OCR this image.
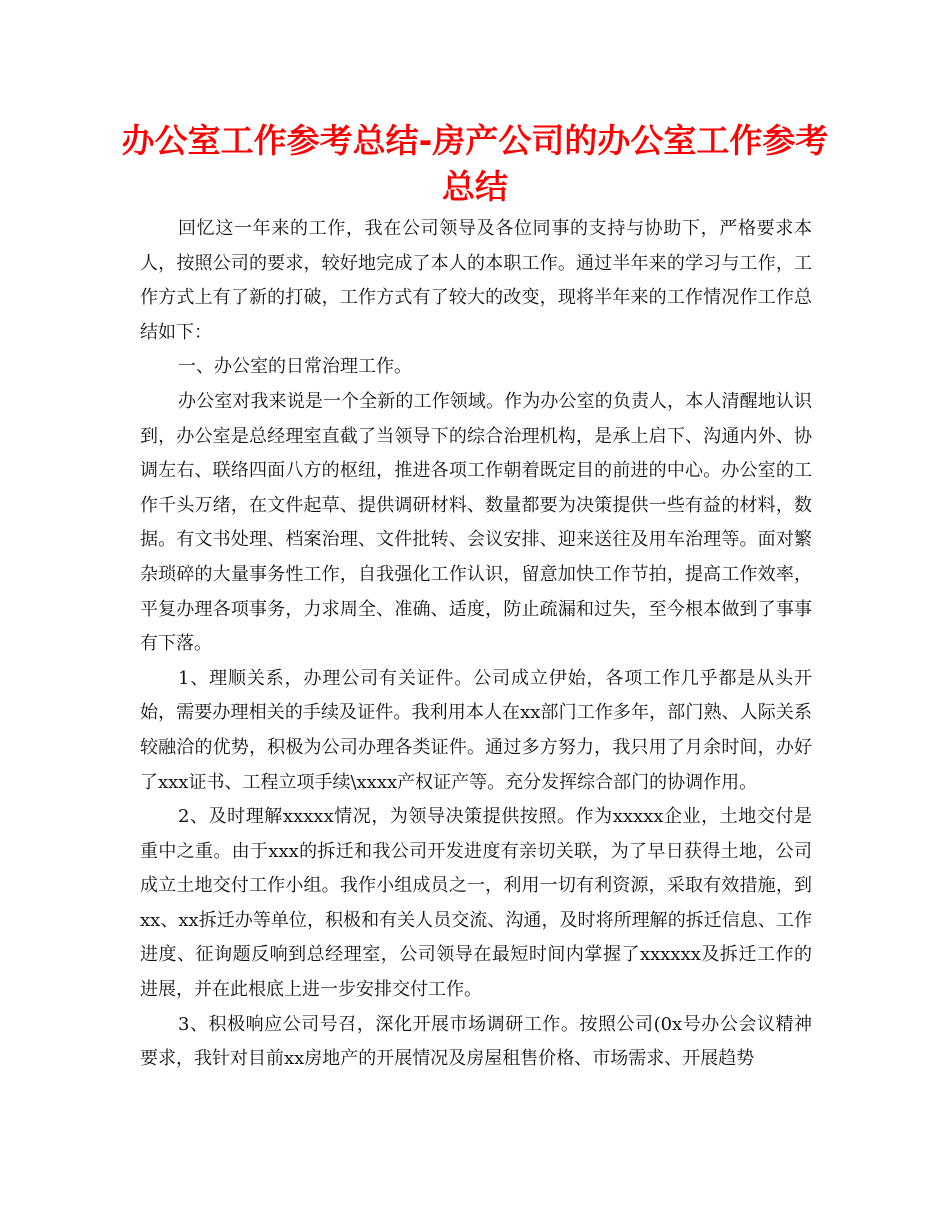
办公室工作参考总结-房产公司的办公室工作参考总结

回忆这一年来的工作，我在公司领导及各位同事的支持与协助下，严格要求本人，按照公司的要求，较好地完成了本人的本职工作。通过半年来的学习与工作，工作方式上有了新的打破，工作方式有了较大的改变，现将半年来的工作情况作工作总结如下：

一、办公室的日常治理工作。

办公室对我来说是一个全新的工作领域。作为办公室的负责人，本人清醒地认识到，办公室是总经理室直截了当领导下的综合治理机构，是承上启下、沟通内外、协调左右、联络四面八方的枢纽，推进各项工作朝着既定目的前进的中心。办公室的工作千头万绪，在文件起草、提供调研材料、数量都要为决策提供一些有益的材料，数据。有文书处理、档案治理、文件批转、会议安排、迎来送往及用车治理等。面对繁杂琐碎的大量事务性工作，自我强化工作认识，留意加快工作节拍，提高工作效率，平复办理各项事务，力求周全、准确、适度，防止疏漏和过失，至今根本做到了事事有下落。

1、理顺关系，办理公司有关证件。公司成立伊始，各项工作几乎都是从头开始，需要办理相关的手续及证件。我利用本人在xx部门工作多年，部门熟、人际关系较融洽的优势，积极为公司办理各类证件。通过多方努力，我只用了月余时间，办好了xxx证书、工程立项手续\xxxx产权证产等。充分发挥综合部门的协调作用。

2、及时理解xxxxx情况，为领导决策提供按照。作为xxxxx企业，土地交付是重中之重。由于xxx的拆迁和我公司开发进度有亲切关联，为了早日获得土地，公司成立土地交付工作小组。我作小组成员之一，利用一切有利资源，采取有效措施，到xx、xx拆迁办等单位，积极和有关人员交流、沟通，及时将所理解的拆迁信息、工作进度、征询题反响到总经理室，公司领导在最短时间内掌握了xxxxxx及拆迁工作的进展，并在此根底上进一步安排交付工作。

3、积极响应公司号召，深化开展市场调研工作。按照公司(0x号办公会议精神要求，我针对目前xx房地产的开展情况及房屋租售价格、市场需求、开展趋势
